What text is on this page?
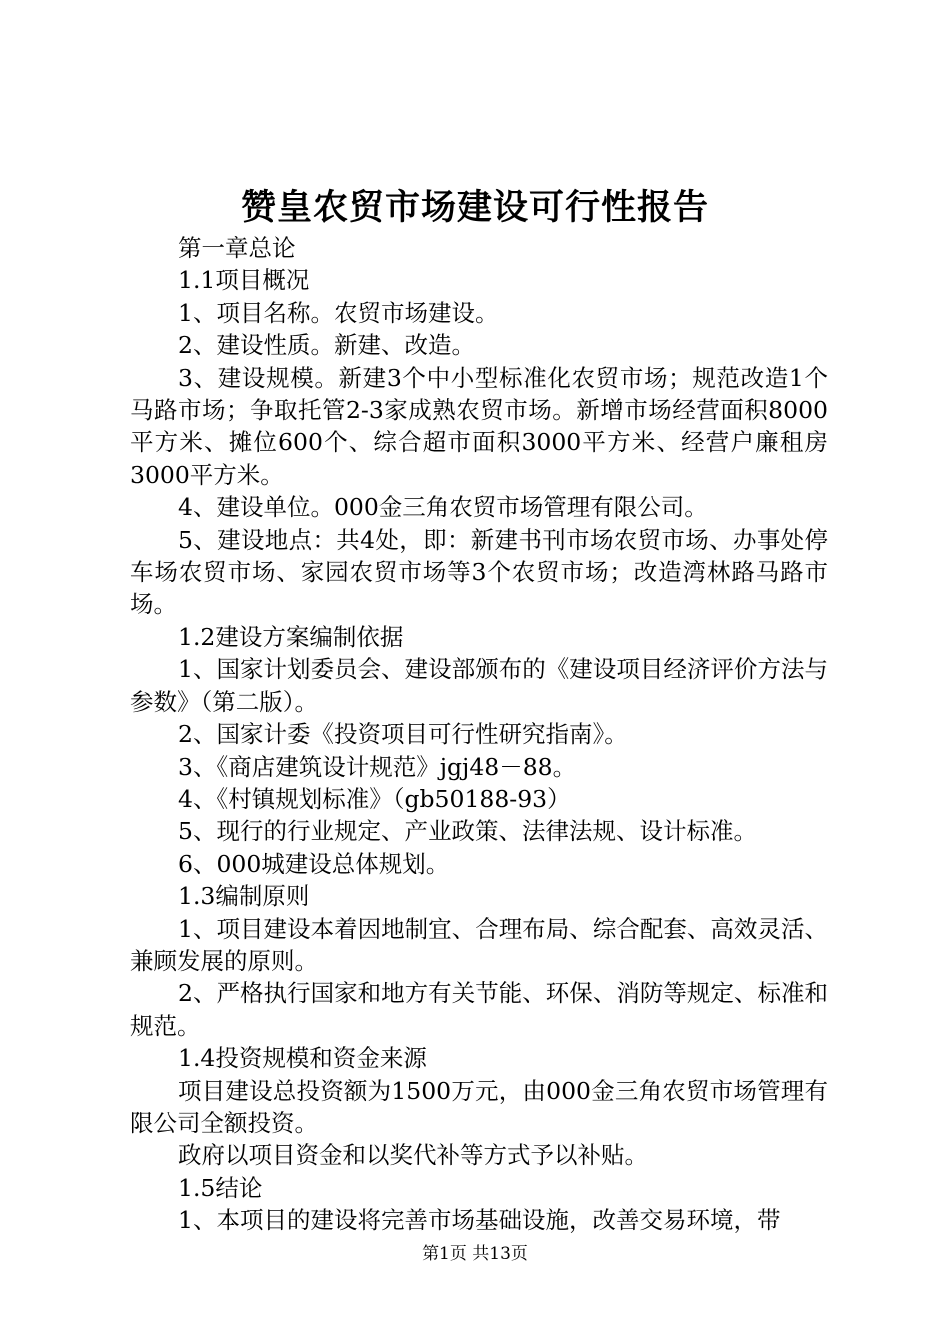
赞皇农贸市场建设可行性报告

第一章总论

1.1项目概况

1、项目名称。农贸市场建设。

2、建设性质。新建、改造。

3、建设规模。新建3个中小型标准化农贸市场；规范改造1个马路市场；争取托管2-3家成熟农贸市场。新增市场经营面积8000平方米、摊位600个、综合超市面积3000平方米、经营户廉租房3000平方米。

4、建设单位。000金三角农贸市场管理有限公司。

5、建设地点：共4处，即：新建书刊市场农贸市场、办事处停车场农贸市场、家园农贸市场等3个农贸市场；改造湾林路马路市场。

1.2建设方案编制依据

1、国家计划委员会、建设部颁布的《建设项目经济评价方法与参数》（第二版）。

2、国家计委《投资项目可行性研究指南》。

3、《商店建筑设计规范》jgj48－88。

4、《村镇规划标准》（gb50188-93）

5、现行的行业规定、产业政策、法律法规、设计标准。

6、000城建设总体规划。

1.3编制原则

1、项目建设本着因地制宜、合理布局、综合配套、高效灵活、兼顾发展的原则。

2、严格执行国家和地方有关节能、环保、消防等规定、标准和规范。

1.4投资规模和资金来源

项目建设总投资额为1500万元，由000金三角农贸市场管理有限公司全额投资。

政府以项目资金和以奖代补等方式予以补贴。

1.5结论

1、本项目的建设将完善市场基础设施，改善交易环境，带

第1页 共13页
